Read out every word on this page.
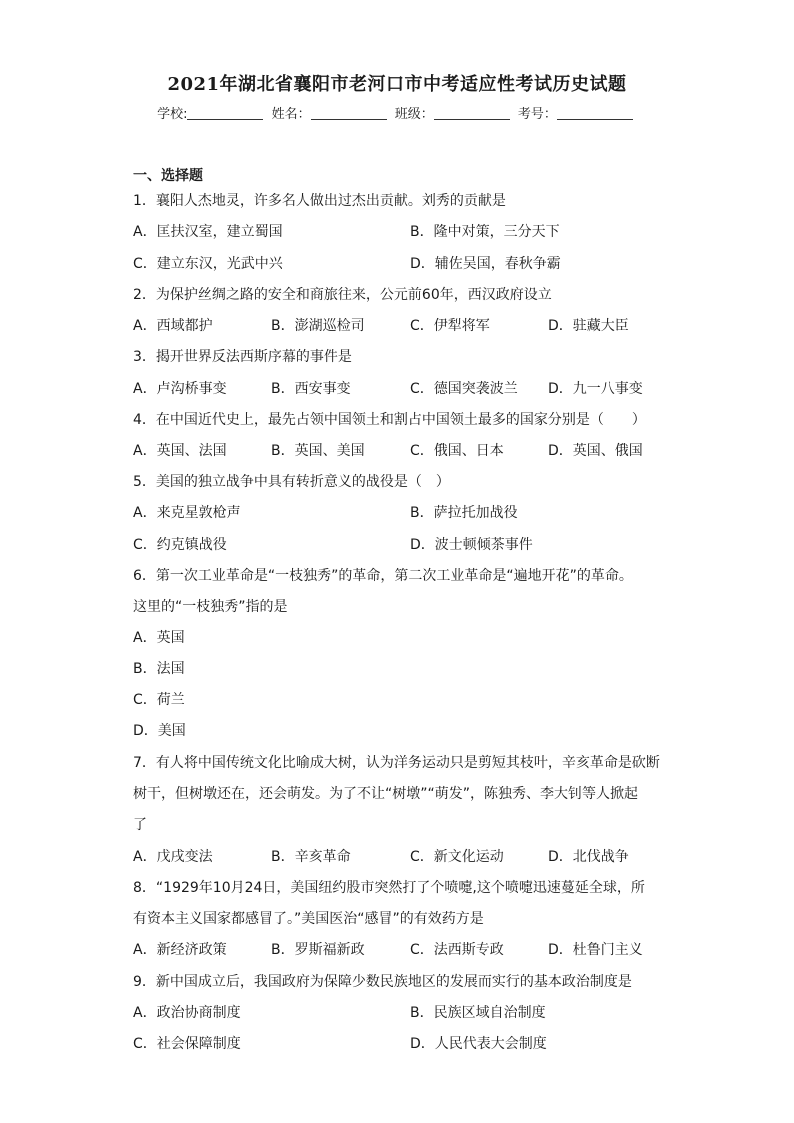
2021年湖北省襄阳市老河口市中考适应性考试历史试题
学校:	姓名：	班级：	考号：
一、选择题
1．襄阳人杰地灵，许多名人做出过杰出贡献。刘秀的贡献是
A．匡扶汉室，建立蜀国	B．隆中对策，三分天下
C．建立东汉，光武中兴	D．辅佐吴国，春秋争霸
2．为保护丝绸之路的安全和商旅往来，公元前60年，西汉政府设立
A．西域都护	B．澎湖巡检司	C．伊犁将军	D．驻藏大臣
3．揭开世界反法西斯序幕的事件是
A．卢沟桥事变	B．西安事变	C．德国突袭波兰 D．九一八事变
4．在中国近代史上，最先占领中国领土和割占中国领土最多的国家分别是（　　）
A．英国、法国	B．英国、美国	C．俄国、日本	D．英国、俄国
5．美国的独立战争中具有转折意义的战役是（　）
A．来克星敦枪声	B．萨拉托加战役
C．约克镇战役	D．波士顿倾茶事件
6．第一次工业革命是“一枝独秀”的革命，第二次工业革命是“遍地开花”的革命。
这里的“一枝独秀”指的是
A．英国
B．法国
C．荷兰
D．美国
7．有人将中国传统文化比喻成大树，认为洋务运动只是剪短其枝叶，辛亥革命是砍断
树干，但树墩还在，还会萌发。为了不让“树墩”“萌发”，陈独秀、李大钊等人掀起
了
A．戊戌变法	B．辛亥革命	C．新文化运动	D．北伐战争
8．“1929年10月24日，美国纽约股市突然打了个喷嚏,这个喷嚏迅速蔓延全球，所
有资本主义国家都感冒了。”美国医治“感冒”的有效药方是
A．新经济政策	B．罗斯福新政	C．法西斯专政	D．杜鲁门主义
9．新中国成立后，我国政府为保障少数民族地区的发展而实行的基本政治制度是
A．政治协商制度	B．民族区域自治制度
C．社会保障制度	D．人民代表大会制度
